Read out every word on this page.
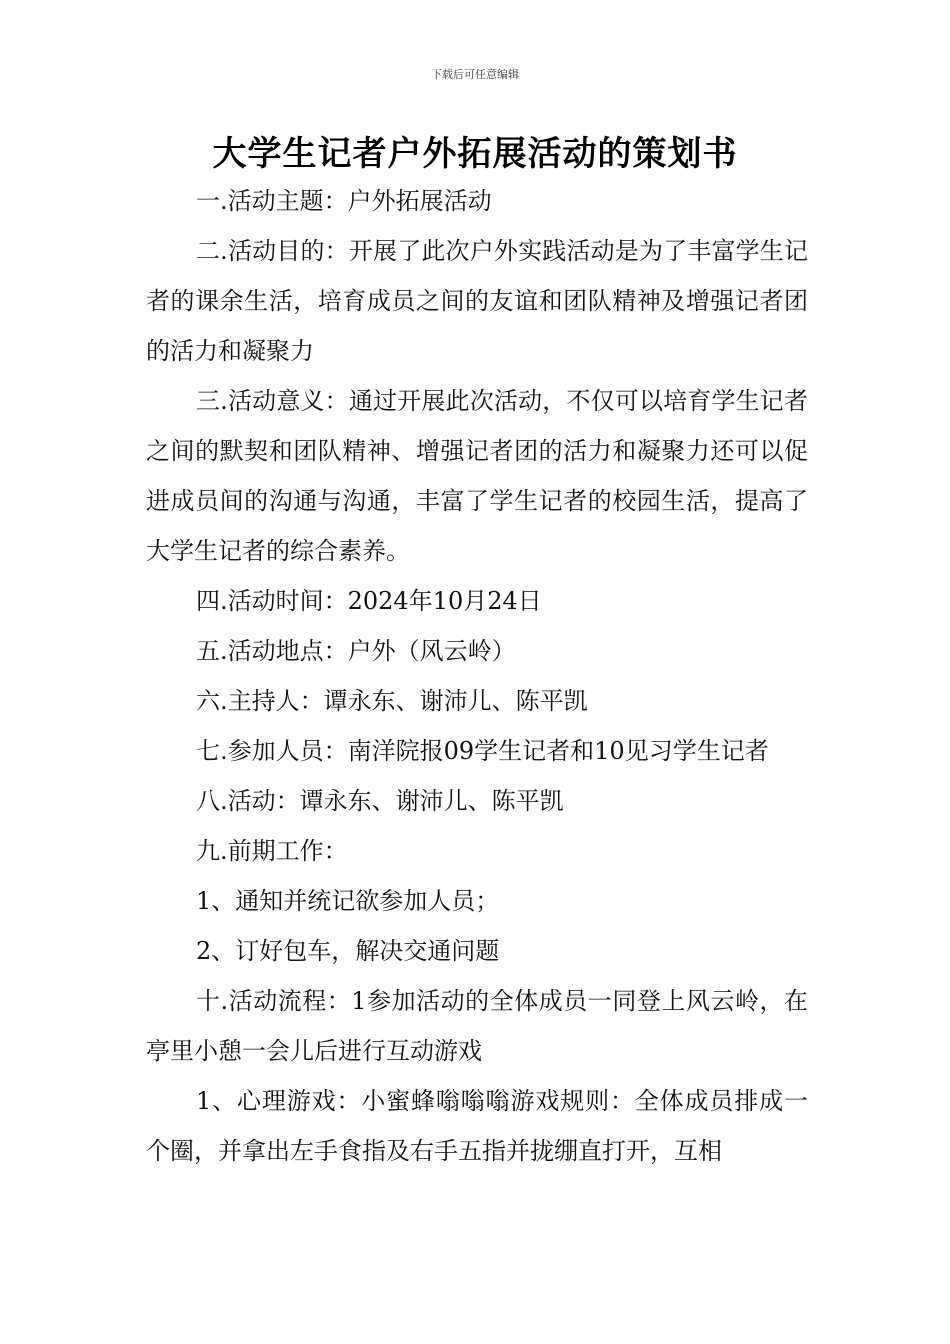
下载后可任意编辑
大学生记者户外拓展活动的策划书

一.活动主题：户外拓展活动

二.活动目的：开展了此次户外实践活动是为了丰富学生记者的课余生活，培育成员之间的友谊和团队精神及增强记者团的活力和凝聚力

三.活动意义：通过开展此次活动，不仅可以培育学生记者之间的默契和团队精神、增强记者团的活力和凝聚力还可以促进成员间的沟通与沟通，丰富了学生记者的校园生活，提高了大学生记者的综合素养。

四.活动时间：2024年10月24日

五.活动地点：户外（风云岭）

六.主持人：谭永东、谢沛儿、陈平凯

七.参加人员：南洋院报09学生记者和10见习学生记者

八.活动：谭永东、谢沛儿、陈平凯

九.前期工作：

1、通知并统记欲参加人员；

2、订好包车，解决交通问题

十.活动流程：1参加活动的全体成员一同登上风云岭，在亭里小憩一会儿后进行互动游戏

1、心理游戏：小蜜蜂嗡嗡嗡游戏规则：全体成员排成一个圈，并拿出左手食指及右手五指并拢绷直打开，互相
